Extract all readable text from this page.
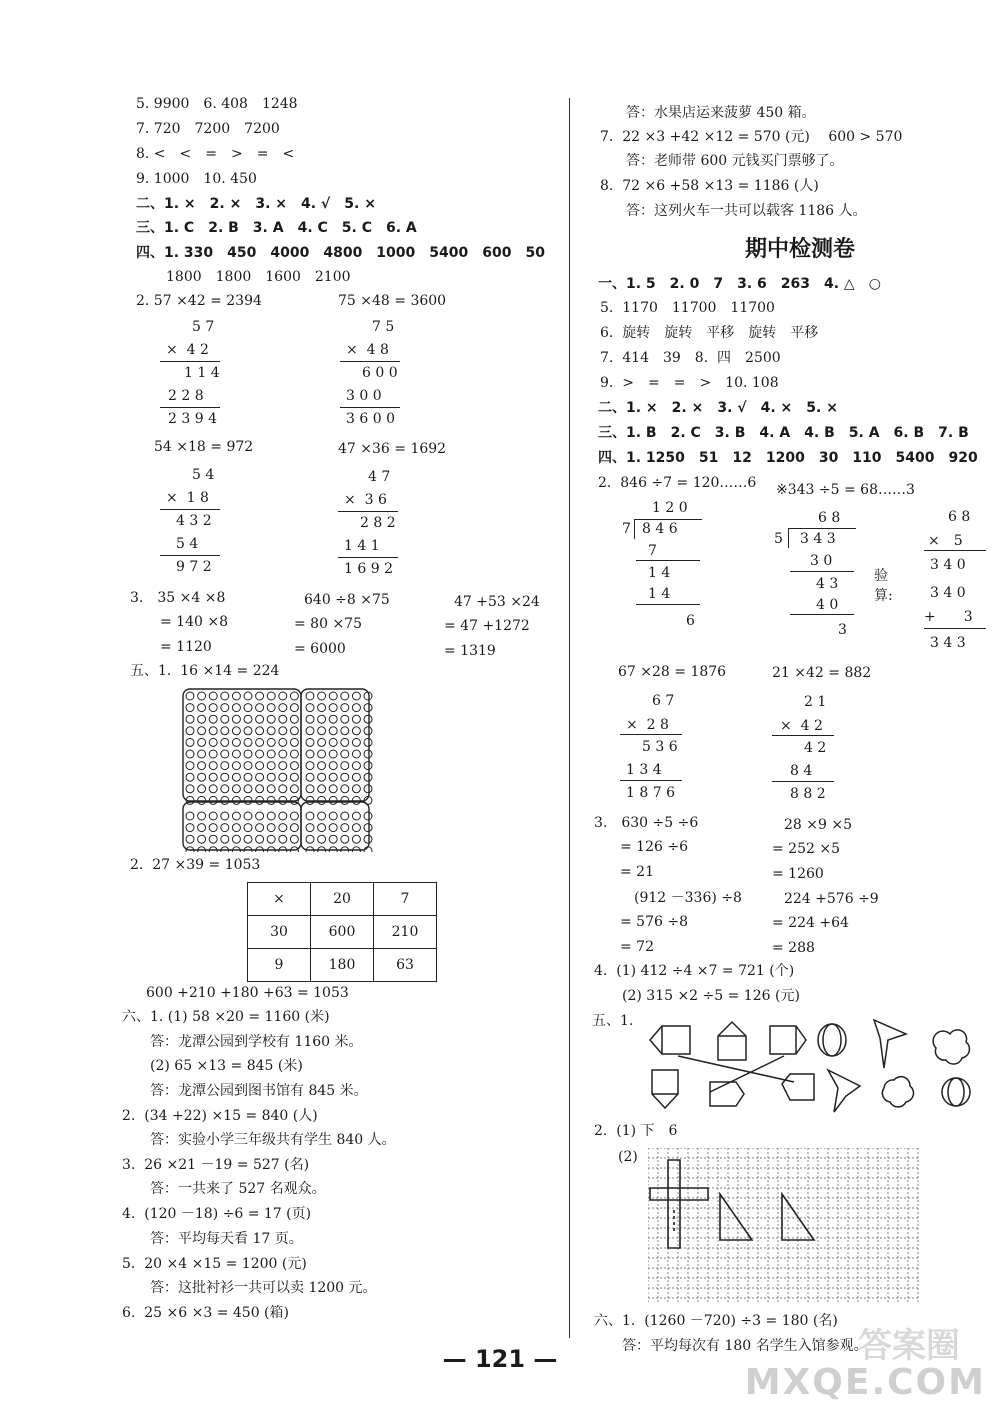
5. 9900　6. 408　1248
7. 720　7200　7200
8. <　<　=　>　=　<
9. 1000　10. 450
二、1. ×　2. ×　3. ×　4. √　5. ×
三、1. C　2. B　3. A　4. C　5. C　6. A
四、1. 330　450　4000　4800　1000　5400　600　50
1800　1800　1600　2100
2. 57 ×42 = 2394
5 7
×  4 2
1 1 4
2 2 8
2 3 9 4
75 ×48 = 3600
7 5
×  4 8
6 0 0
3 0 0
3 6 0 0
54 ×18 = 972
5 4
×  1 8
4 3 2
5 4
9 7 2
47 ×36 = 1692
4 7
×  3 6
2 8 2
1 4 1
1 6 9 2
3.　35 ×4 ×8
= 140 ×8
= 1120
640 ÷8 ×75
= 80 ×75
= 6000
47 +53 ×24
= 47 +1272
= 1319
五、1.  16 ×14 = 224
2.  27 ×39 = 1053
×	20	7
30	600	210
9	180	63
600 +210 +180 +63 = 1053
六、1. (1) 58 ×20 = 1160 (米)
答：龙潭公园到学校有 1160 米。
(2) 65 ×13 = 845 (米)
答：龙潭公园到图书馆有 845 米。
2.  (34 +22) ×15 = 840 (人)
答：实验小学三年级共有学生 840 人。
3.  26 ×21 －19 = 527 (名)
答：一共来了 527 名观众。
4.  (120 －18) ÷6 = 17 (页)
答：平均每天看 17 页。
5.  20 ×4 ×15 = 1200 (元)
答：这批衬衫一共可以卖 1200 元。
6.  25 ×6 ×3 = 450 (箱)
答：水果店运来菠萝 450 箱。
7.  22 ×3 +42 ×12 = 570 (元)　 600 > 570
答：老师带 600 元钱买门票够了。
8.  72 ×6 +58 ×13 = 1186 (人)
答：这列火车一共可以载客 1186 人。
期中检测卷
一、1. 5　2. 0　7　3. 6　263　4. △　○
5.  1170　11700　11700
6.  旋转　旋转　平移　旋转　平移
7.  414　39　8.  四　2500
9.  >　=　=　>　10. 108
二、1. ×　2. ×　3. √　4. ×　5. ×
三、1. B　2. C　3. B　4. A　4. B　5. A　6. B　7. B
四、1. 1250　51　12　1200　30　110　5400　920
2.  846 ÷7 = 120……6
1 2 0
7 8 4 6
7
1 4
1 4
6
※343 ÷5 = 68……3
6 8
5 3 4 3
3 0
4 3
4 0
3
验
算:
6 8
×　5
3 4 0
3 4 0
+　　3
3 4 3
67 ×28 = 1876
6 7
×  2 8
5 3 6
1 3 4
1 8 7 6
21 ×42 = 882
2 1
×  4 2
4 2
8 4
8 8 2
3.　630 ÷5 ÷6
= 126 ÷6
= 21
28 ×9 ×5
= 252 ×5
= 1260
(912 －336) ÷8
= 576 ÷8
= 72
224 +576 ÷9
= 224 +64
= 288
4.  (1) 412 ÷4 ×7 = 721 (个)
(2) 315 ×2 ÷5 = 126 (元)
五、1.
2.  (1) 下　6
(2)
六、1.  (1260 －720) ÷3 = 180 (名)
答：平均每次有 180 名学生入馆参观。
— 121 —	答案圈
MXQE.COM
